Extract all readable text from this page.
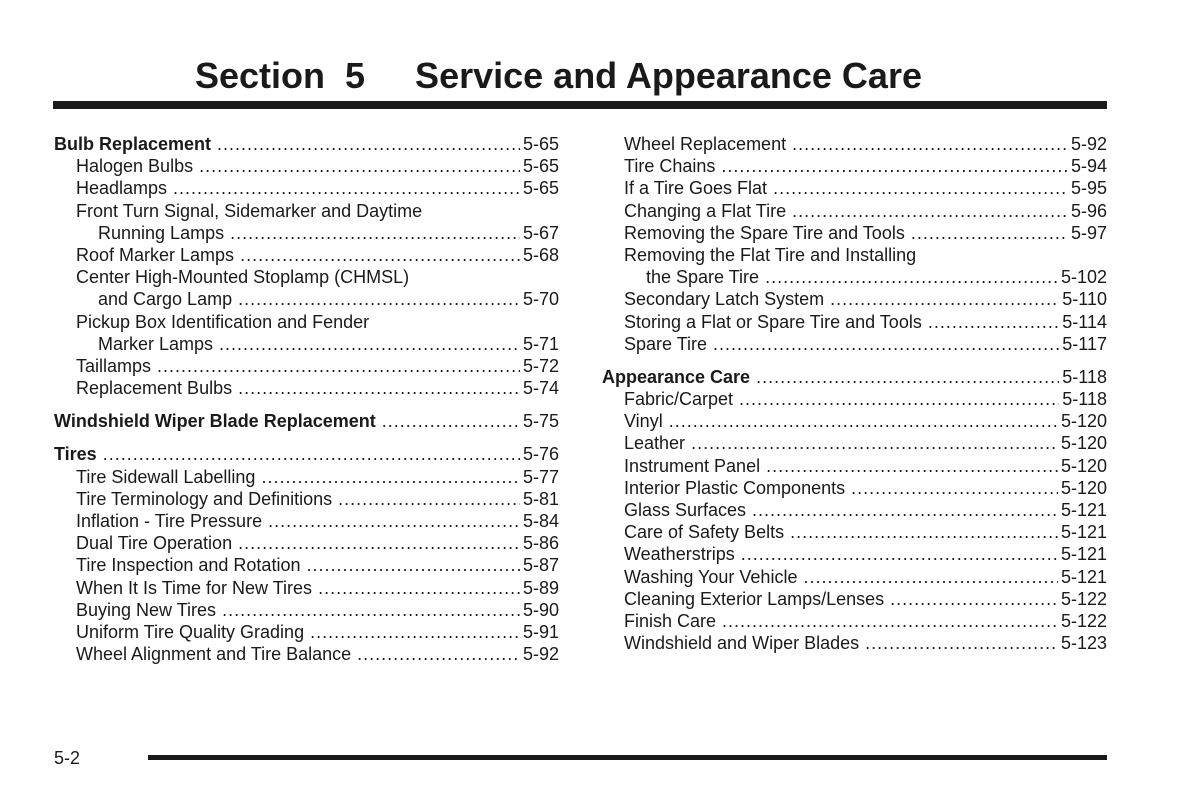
Section  5     Service and Appearance Care
Bulb Replacement .....	5-65
Halogen Bulbs .....	5-65
Headlamps .....	5-65
Front Turn Signal, Sidemarker and Daytime
Running Lamps .....	5-67
Roof Marker Lamps .....	5-68
Center High-Mounted Stoplamp (CHMSL)
and Cargo Lamp .....	5-70
Pickup Box Identification and Fender
Marker Lamps .....	5-71
Taillamps .....	5-72
Replacement Bulbs .....	5-74
Windshield Wiper Blade Replacement .....	5-75
Tires .....	5-76
Tire Sidewall Labelling .....	5-77
Tire Terminology and Definitions .....	5-81
Inflation - Tire Pressure .....	5-84
Dual Tire Operation .....	5-86
Tire Inspection and Rotation .....	5-87
When It Is Time for New Tires .....	5-89
Buying New Tires .....	5-90
Uniform Tire Quality Grading .....	5-91
Wheel Alignment and Tire Balance .....	5-92
Wheel Replacement .....	5-92
Tire Chains .....	5-94
If a Tire Goes Flat .....	5-95
Changing a Flat Tire .....	5-96
Removing the Spare Tire and Tools .....	5-97
Removing the Flat Tire and Installing
the Spare Tire .....	5-102
Secondary Latch System .....	5-110
Storing a Flat or Spare Tire and Tools .....	5-114
Spare Tire .....	5-117
Appearance Care .....	5-118
Fabric/Carpet .....	5-118
Vinyl .....	5-120
Leather .....	5-120
Instrument Panel .....	5-120
Interior Plastic Components .....	5-120
Glass Surfaces .....	5-121
Care of Safety Belts .....	5-121
Weatherstrips .....	5-121
Washing Your Vehicle .....	5-121
Cleaning Exterior Lamps/Lenses .....	5-122
Finish Care .....	5-122
Windshield and Wiper Blades .....	5-123
5-2
